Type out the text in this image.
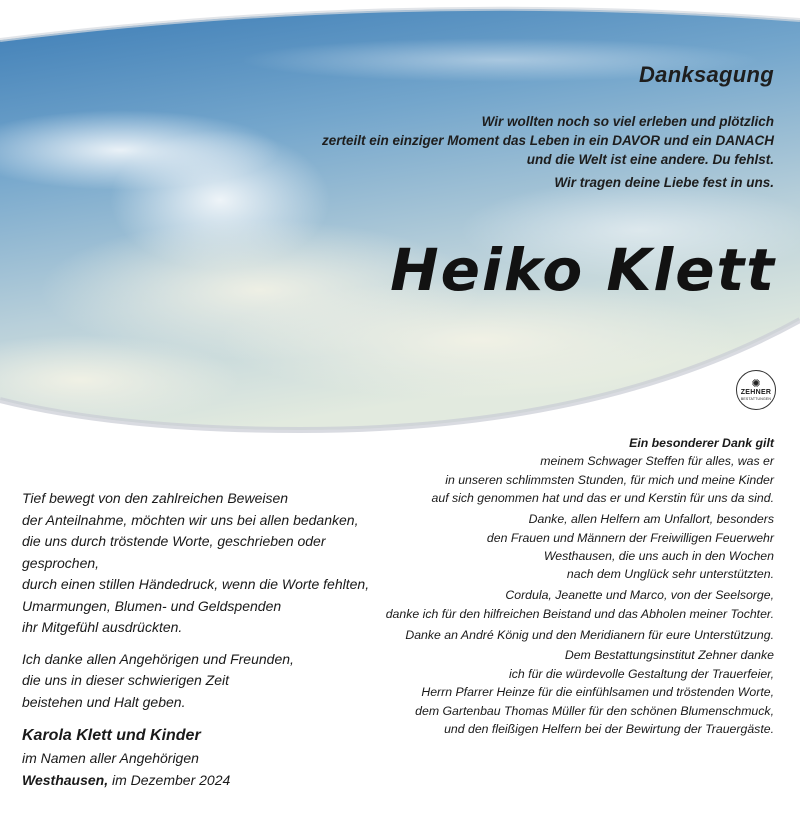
Danksagung
Wir wollten noch so viel erleben und plötzlich
zerteilt ein einziger Moment das Leben in ein DAVOR und ein DANACH
und die Welt ist eine andere. Du fehlst.
Wir tragen deine Liebe fest in uns.
Heiko Klett
✺
ZEHNER
BESTATTUNGEN

Tief bewegt von den zahlreichen Beweisen

der Anteilnahme, möchten wir uns bei allen bedanken,

die uns durch tröstende Worte, geschrieben oder gesprochen,

durch einen stillen Händedruck, wenn die Worte fehlten,

Umarmungen, Blumen- und Geldspenden

ihr Mitgefühl ausdrückten.

Ich danke allen Angehörigen und Freunden,

die uns in dieser schwierigen Zeit

beistehen und Halt geben.

Karola Klett und Kinder

im Namen aller Angehörigen

Westhausen, im Dezember 2024

Ein besonderer Dank gilt
meinem Schwager Steffen für alles, was er
in unseren schlimmsten Stunden, für mich und meine Kinder
auf sich genommen hat und das er und Kerstin für uns da sind.
Danke, allen Helfern am Unfallort, besonders
den Frauen und Männern der Freiwilligen Feuerwehr
Westhausen, die uns auch in den Wochen
nach dem Unglück sehr unterstützten.
Cordula, Jeanette und Marco, von der Seelsorge,
danke ich für den hilfreichen Beistand und das Abholen meiner Tochter.
Danke an André König und den Meridianern für eure Unterstützung.
Dem Bestattungsinstitut Zehner danke
ich für die würdevolle Gestaltung der Trauerfeier,
Herrn Pfarrer Heinze für die einfühlsamen und tröstenden Worte,
dem Gartenbau Thomas Müller für den schönen Blumenschmuck,
und den fleißigen Helfern bei der Bewirtung der Trauergäste.
